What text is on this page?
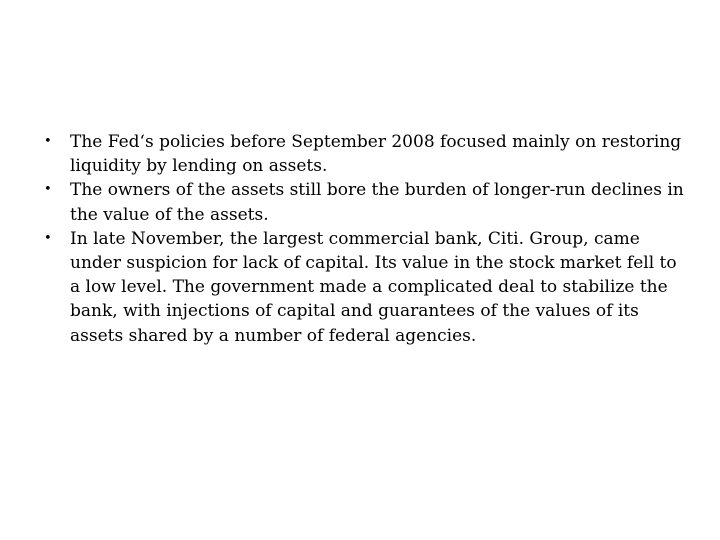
•	The Fed‘s policies before September 2008 focused mainly on restoring liquidity by lending on assets.
•	The owners of the assets still bore the burden of longer-run declines in the value of the assets.
•	In late November, the largest commercial bank, Citi. Group, came under suspicion for lack of capital. Its value in the stock market fell to a low level. The government made a complicated deal to stabilize the bank, with injections of capital and guarantees of the values of its assets shared by a number of federal agencies.
